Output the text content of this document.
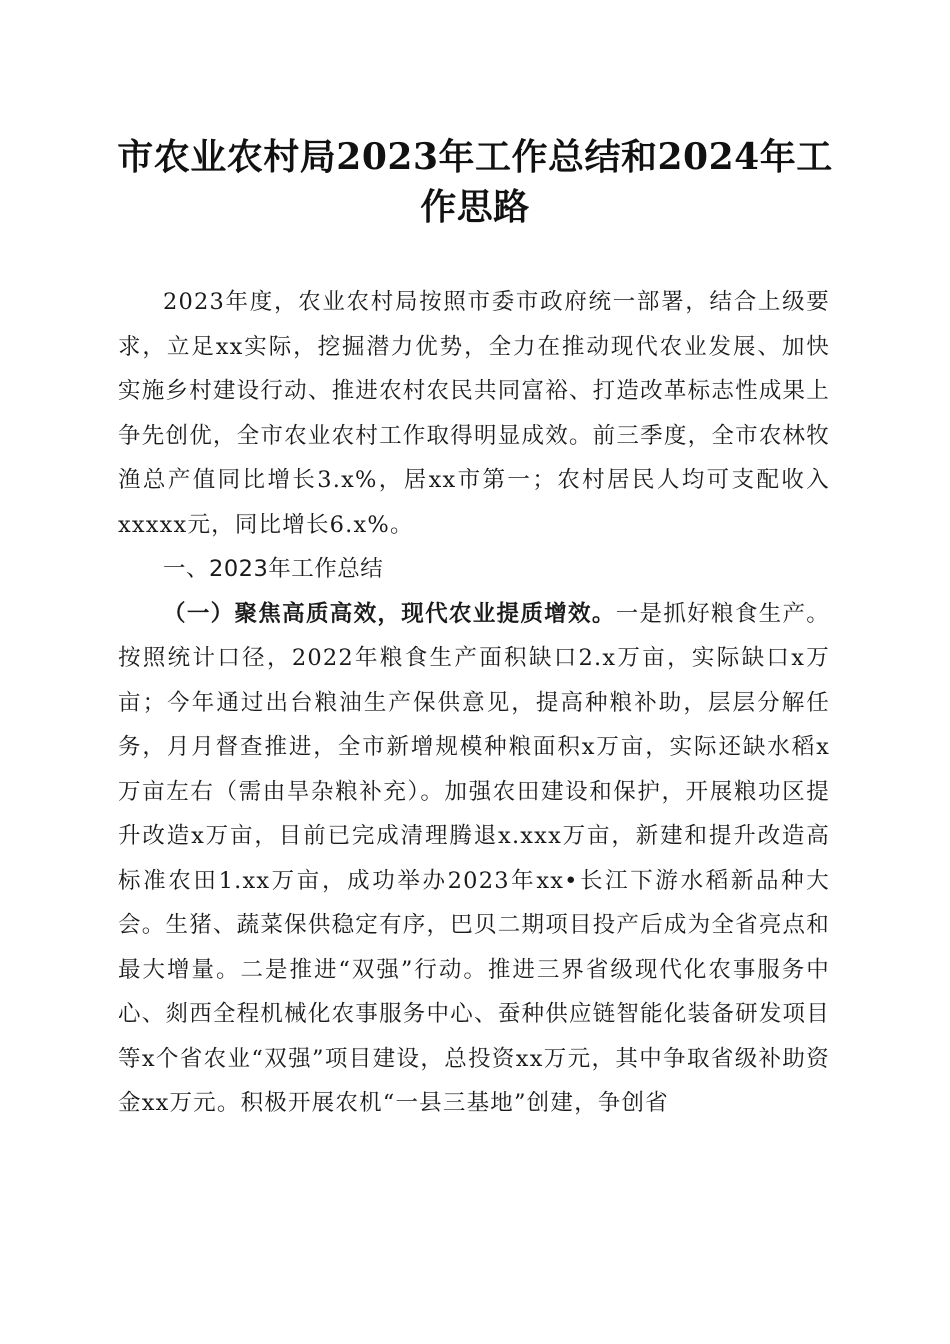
市农业农村局2023年工作总结和2024年工作思路

2023年度，农业农村局按照市委市政府统一部署，结合上级要求，立足xx实际，挖掘潜力优势，全力在推动现代农业发展、加快实施乡村建设行动、推进农村农民共同富裕、打造改革标志性成果上争先创优，全市农业农村工作取得明显成效。前三季度，全市农林牧渔总产值同比增长3.x%，居xx市第一；农村居民人均可支配收入xxxxx元，同比增长6.x%。

一、2023年工作总结

（一）聚焦高质高效，现代农业提质增效。一是抓好粮食生产。按照统计口径，2022年粮食生产面积缺口2.x万亩，实际缺口x万亩；今年通过出台粮油生产保供意见，提高种粮补助，层层分解任务，月月督查推进，全市新增规模种粮面积x万亩，实际还缺水稻x万亩左右（需由旱杂粮补充）。加强农田建设和保护，开展粮功区提升改造x万亩，目前已完成清理腾退x.xxx万亩，新建和提升改造高标准农田1.xx万亩，成功举办2023年xx•长江下游水稻新品种大会。生猪、蔬菜保供稳定有序，巴贝二期项目投产后成为全省亮点和最大增量。二是推进“双强”行动。推进三界省级现代化农事服务中心、剡西全程机械化农事服务中心、蚕种供应链智能化装备研发项目等x个省农业“双强”项目建设，总投资xx万元，其中争取省级补助资金xx万元。积极开展农机“一县三基地”创建，争创省
